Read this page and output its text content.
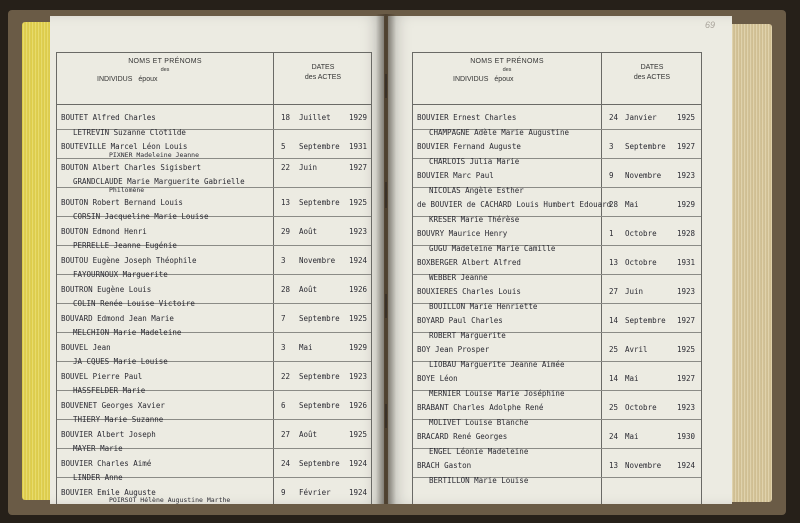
NOMS ET PRÉNOMS
des
INDIVIDUS époux
DATES
des ACTES
BOUTET Alfred Charles	18 Juillet 1929
LETREVIN Suzanne Clotilde
BOUTEVILLE Marcel Léon Louis	5 Septembre 1931
PIXNER Madeleine Jeanne
BOUTON Albert Charles Sigisbert	22 Juin	1927
GRANDCLAUDE Marie Marguerite Gabrielle
Philomène
BOUTON Robert Bernand Louis	13 Septembre 1925
CORSIN Jacqueline Marie Louise
BOUTON Edmond Henri	29 Août	1923
PERRELLE Jeanne Eugénie
BOUTOU Eugène Joseph Théophile	3 Novembre 1924
FAYOURNOUX Marguerite
BOUTRON Eugène Louis	28 Août	1926
COLIN Renée Louise Victoire
BOUVARD Edmond Jean Marie	7 Septembre 1925
MELCHION Marie Madeleine
BOUVEL Jean	3 Mai	1929
JA CQUES Marie Louise
BOUVEL Pierre Paul	22 Septembre 1923
HASSFELDER Marie
BOUVENET Georges Xavier	6 Septembre 1926
THIERY Marie Suzanne
BOUVIER Albert Joseph	27 Août	1925
MAYER Marie
BOUVIER Charles Aimé	24 Septembre 1924
LINDER Anne
BOUVIER Emile Auguste	9 Février 1924
POIRSOT Hélène Augustine Marthe
69
NOMS ET PRÉNOMS
des
INDIVIDUS époux
DATES
des ACTES
BOUVIER Ernest Charles	24 Janvier	1925
CHAMPAGNE Adèle Marie Augustine
BOUVIER Fernand Auguste	3 Septembre 1927
CHARLOIS Julia Marie
BOUVIER Marc Paul	9 Novembre 1923
NICOLAS Angèle Esther
de BOUVIER de CACHARD Louis Humbert Edouard
28 Mai	1929
KRESER Marie Thérèse
BOUVRY Maurice Henry	1 Octobre	1928
GUGU Madeleine Marie Camille
BOXBERGER Albert Alfred	13 Octobre	1931
WEBBER Jeanne
BOUXIERES Charles Louis	27 Juin	1923
BOUILLON Marie Henriette
BOYARD Paul Charles	14 Septembre 1927
ROBERT Marguerite
BOY Jean Prosper	25 Avril	1925
LIOBAU Marguerite Jeanne Aimée
BOYE Léon	14 Mai	1927
MERNIER Louise Marie Joséphine
BRABANT Charles Adolphe René	25 Octobre	1923
MOLIVET Louise Blanche
BRACARD René Georges	24 Mai	1930
ENGEL Léonie Madeleine
BRACH Gaston	13 Novembre 1924
BERTILLON Marie Louise
